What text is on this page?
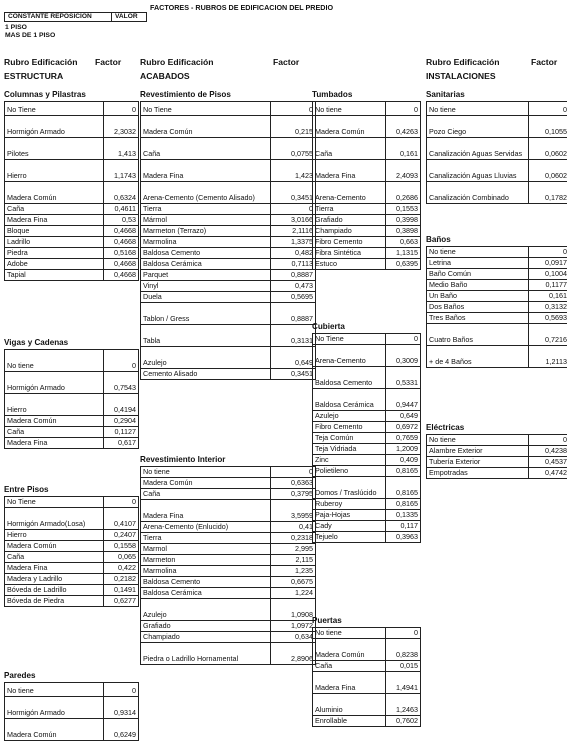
FACTORES - RUBROS DE EDIFICACION DEL PREDIO
CONSTANTE REPOSICION	VALOR
1 PISO
MAS DE 1 PISO
Rubro Edificación Factor
ESTRUCTURA
Rubro Edificación	Factor
ACABADOS
Rubro Edificación	Factor
INSTALACIONES
Columnas y Pilastras
No Tiene	0
Hormigón Armado	2,3032
Pilotes	1,413
Hierro	1,1743
Madera Común	0,6324
Caña	0,4611
Madera Fina	0,53
Bloque	0,4668
Ladrillo	0,4668
Piedra	0,5168
Adobe	0,4668
Tapial	0,4668
Vigas y Cadenas
No tiene	0
Hormigón Armado	0,7543
Hierro	0,4194
Madera Común	0,2904
Caña	0,1127
Madera Fina	0,617
Entre Pisos
No Tiene	0
Hormigón Armado(Losa)	0,4107
Hierro	0,2407
Madera Común	0,1558
Caña	0,065
Madera Fina	0,422
Madera y Ladrillo	0,2182
Bóveda de Ladrillo	0,1491
Bóveda de Piedra	0,6277
Paredes
No tiene	0
Hormigón Armado	0,9314
Madera Común	0,6249
Revestimiento de Pisos
No Tiene	0
Madera Común	0,215
Caña	0,0755
Madera Fina	1,423
Arena-Cemento (Cemento Alisado)	0,3451
Tierra	0
Mármol	3,0166
Marmeton (Terrazo)	2,1116
Marmolina	1,3375
Baldosa Cemento	0,482
Baldosa Cerámica	0,7113
Parquet	0,8887
Vinyl	0,473
Duela	0,5695
Tablon / Gress	0,8887
Tabla	0,3131
Azulejo	0,649
Cemento Alisado	0,3451
Revestimiento Interior
No tiene	0
Madera Común	0,6363
Caña	0,3795
Madera Fina	3,5959
Arena-Cemento (Enlucido)	0,41
Tierra	0,2318
Marmol	2,995
Marmeton	2,115
Marmolina	1,235
Baldosa Cemento	0,6675
Baldosa Cerámica	1,224
Azulejo	1,0908
Grafiado	1,0972
Champiado	0,634
Piedra o Ladrillo Hornamental	2,8906
Tumbados
No tiene	0
Madera Común	0,4263
Caña	0,161
Madera Fina	2,4093
Arena-Cemento	0,2686
Tierra	0,1553
Grafiado	0,3998
Champiado	0,3898
Fibro Cemento	0,663
Fibra Sintética	1,1315
Estuco	0,6395
Cubierta
No Tiene	0
Arena-Cemento	0,3009
Baldosa Cemento	0,5331
Baldosa Cerámica	0,9447
Azulejo	0,649
Fibro Cemento	0,6972
Teja Común	0,7659
Teja Vidriada	1,2009
Zinc	0,409
Polietileno	0,8165
Domos / Traslúcido	0,8165
Ruberoy	0,8165
Paja-Hojas	0,1335
Cady	0,117
Tejuelo	0,3963
Puertas
No tiene	0
Madera Común	0,8238
Caña	0,015
Madera Fina	1,4941
Aluminio	1,2463
Enrollable	0,7602
Sanitarias
No tiene	0
Pozo Ciego	0,1055
Canalización Aguas Servidas	0,0602
Canalización Aguas Lluvias	0,0602
Canalización Combinado	0,1782
Baños
No tiene	0
Letrina	0,0917
Baño Común	0,1004
Medio Baño	0,1177
Un Baño	0,161
Dos Baños	0,3132
Tres Baños	0,5693
Cuatro Baños	0,7216
+ de 4 Baños	1,2113
Eléctricas
No tiene	0
Alambre Exterior	0,4238
Tubería Exterior	0,4537
Empotradas	0,4742
